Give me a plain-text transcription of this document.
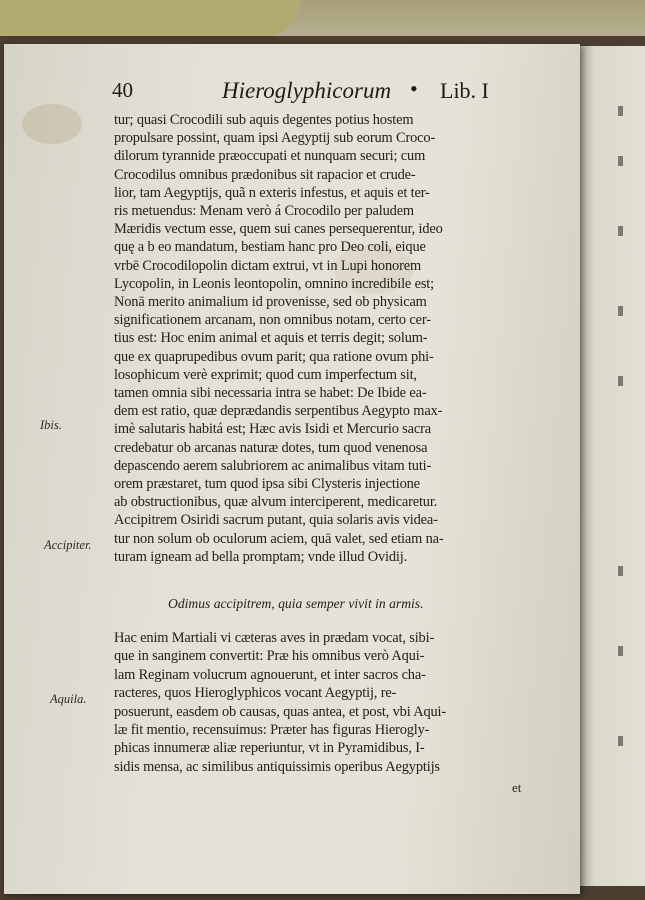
40	Hieroglyphicorum • Lib. I
tur; quasi Crocodili sub aquis degentes potius hostem
propulsare possint, quam ipsi Aegyptij sub eorum Croco-
dilorum tyrannide præoccupati et nunquam securi; cum
Crocodilus omnibus prædonibus sit rapacior et crude-
lior, tam Aegyptijs, quã n exteris infestus, et aquis et ter-
ris metuendus: Menam verò á Crocodilo per paludem
Mæridis vectum esse, quem sui canes persequerentur, ideo
quę a b eo mandatum, bestiam hanc pro Deo coli, eique
vrbē Crocodilopolin dictam extrui, vt in Lupi honorem
Lycopolin, in Leonis leontopolin, omnino incredibile est;
Nonā merito animalium id provenisse, sed ob physicam
significationem arcanam, non omnibus notam, certo cer-
tius est: Hoc enim animal et aquis et terris degit; solum-
que ex quaprupedibus ovum parit; qua ratione ovum phi-
losophicum verè exprimit; quod cum imperfectum sit,
tamen omnia sibi necessaria intra se habet: De Ibide ea-
dem est ratio, quæ deprædandis serpentibus Aegypto max-
imè salutaris habitá est; Hæc avis Isidi et Mercurio sacra
credebatur ob arcanas naturæ dotes, tum quod venenosa
depascendo aerem salubriorem ac animalibus vitam tuti-
orem præstaret, tum quod ipsa sibi Clysteris injectione
ab obstructionibus, quæ alvum interciperent, medicaretur.
Accipitrem Osiridi sacrum putant, quia solaris avis videa-
tur non solum ob oculorum aciem, quā valet, sed etiam na-
turam igneam ad bella promptam; vnde illud Ovidij.
Hac enim Martiali vi cæteras aves in prædam vocat, sibi-
que in sanginem convertit: Præ his omnibus verò Aqui-
lam Reginam volucrum agnouerunt, et inter sacros cha-
racteres, quos Hieroglyphicos vocant Aegyptij, re-
posuerunt, easdem ob causas, quas antea, et post, vbi Aqui-
læ fit mentio, recensuimus: Præter has figuras Hierogly-
phicas innumeræ aliæ reperiuntur, vt in Pyramidibus, I-
sidis mensa, ac similibus antiquissimis operibus Aegyptijs
Ibis.
Accipiter.
Aquila.
Odimus accipitrem, quia semper vivit in armis.
et
